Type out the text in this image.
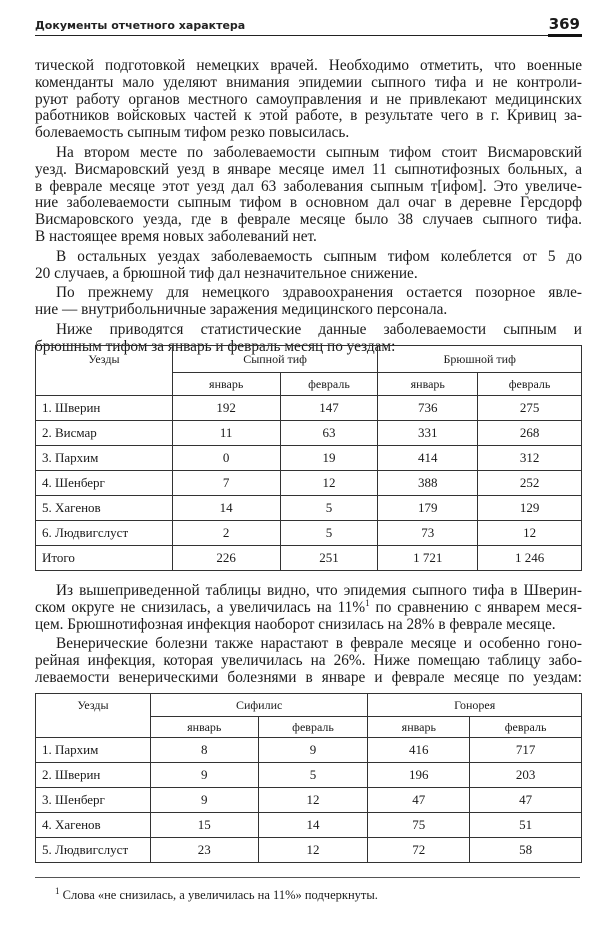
Документы отчетного характера	369
тической подготовкой немецких врачей. Необходимо отметить, что военные
коменданты мало уделяют внимания эпидемии сыпного тифа и не контроли-
руют работу органов местного самоуправления и не привлекают медицинских
работников войсковых частей к этой работе, в результате чего в г. Кривиц за-
болеваемость сыпным тифом резко повысилась.
На втором месте по заболеваемости сыпным тифом стоит Висмаровский
уезд. Висмаровский уезд в январе месяце имел 11 сыпнотифозных больных, а
в феврале месяце этот уезд дал 63 заболевания сыпным т[ифом]. Это увеличе-
ние заболеваемости сыпным тифом в основном дал очаг в деревне Герсдорф
Висмаровского уезда, где в феврале месяце было 38 случаев сыпного тифа.
В настоящее время новых заболеваний нет.
В остальных уездах заболеваемость сыпным тифом колеблется от 5 до
20 случаев, а брюшной тиф дал незначительное снижение.
По прежнему для немецкого здравоохранения остается позорное явле-
ние — внутрибольничные заражения медицинского персонала.
Ниже приводятся статистические данные заболеваемости сыпным и
брюшным тифом за январь и февраль месяц по уездам:
Уезды	Сыпной тиф		Брюшной тиф	
	январь	февраль	январь	февраль
1. Шверин	192	147	736	275
2. Висмар	11	63	331	268
3. Пархим	0	19	414	312
4. Шенберг	7	12	388	252
5. Хагенов	14	5	179	129
6. Людвигслуст	2	5	73	12
Итого	226	251	1 721	1 246
Из вышеприведенной таблицы видно, что эпидемия сыпного тифа в Шверин-
ском округе не снизилась, а увеличилась на 11%$^1$ по сравнению с январем меся-
цем. Брюшнотифозная инфекция наоборот снизилась на 28% в феврале месяце.
Венерические болезни также нарастают в феврале месяце и особенно гоно-
рейная инфекция, которая увеличилась на 26%. Ниже помещаю таблицу забо-
леваемости венерическими болезнями в январе и феврале месяце по уездам:
Уезды	Сифилис		Гонорея	
	январь	февраль	январь	февраль
1. Пархим	8	9	416	717
2. Шверин	9	5	196	203
3. Шенберг	9	12	47	47
4. Хагенов	15	14	75	51
5. Людвигслуст	23	12	72	58
$^1$ Слова «не снизилась, а увеличилась на 11%» подчеркнуты.
